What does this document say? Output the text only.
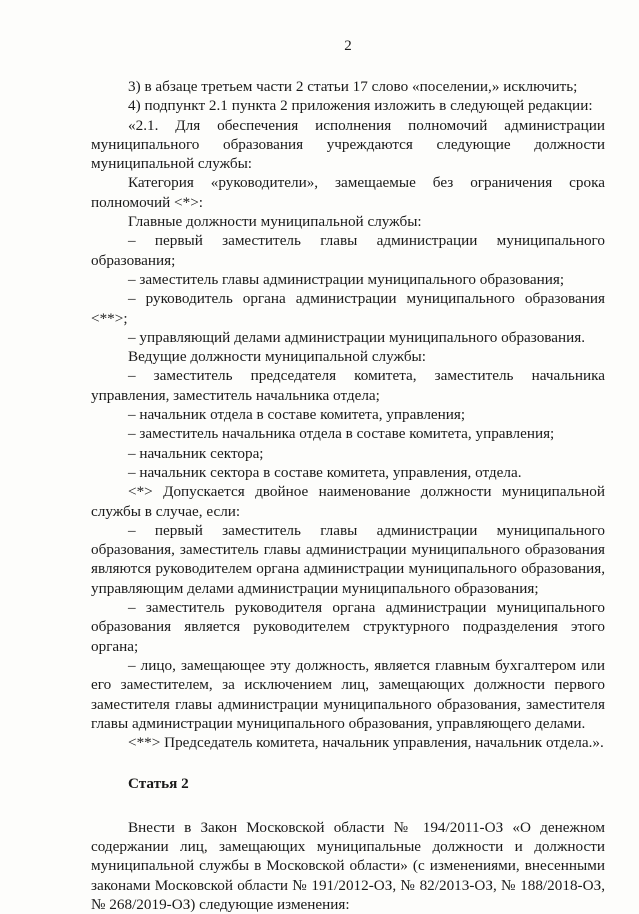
2

3) в абзаце третьем части 2 статьи 17 слово «поселении,» исключить;

4) подпункт 2.1 пункта 2 приложения изложить в следующей редакции:

«2.1. Для обеспечения исполнения полномочий администрации муниципального образования учреждаются следующие должности муниципальной службы:

Категория «руководители», замещаемые без ограничения срока полномочий <*>:

Главные должности муниципальной службы:

– первый заместитель главы администрации муниципального образования;

– заместитель главы администрации муниципального образования;

– руководитель органа администрации муниципального образования <**>;

– управляющий делами администрации муниципального образования.

Ведущие должности муниципальной службы:

– заместитель председателя комитета, заместитель начальника управления, заместитель начальника отдела;

– начальник отдела в составе комитета, управления;

– заместитель начальника отдела в составе комитета, управления;

– начальник сектора;

– начальник сектора в составе комитета, управления, отдела.

<*> Допускается двойное наименование должности муниципальной службы в случае, если:

– первый заместитель главы администрации муниципального образования, заместитель главы администрации муниципального образования являются руководителем органа администрации муниципального образования, управляющим делами администрации муниципального образования;

– заместитель руководителя органа администрации муниципального образования является руководителем структурного подразделения этого органа;

– лицо, замещающее эту должность, является главным бухгалтером или его заместителем, за исключением лиц, замещающих должности первого заместителя главы администрации муниципального образования, заместителя главы администрации муниципального образования, управляющего делами.

<**> Председатель комитета, начальник управления, начальник отдела.».

Статья 2

Внести в Закон Московской области № 194/2011-ОЗ «О денежном содержании лиц, замещающих муниципальные должности и должности муниципальной службы в Московской области» (с изменениями, внесенными законами Московской области № 191/2012-ОЗ, № 82/2013-ОЗ, № 188/2018-ОЗ, № 268/2019-ОЗ) следующие изменения:
